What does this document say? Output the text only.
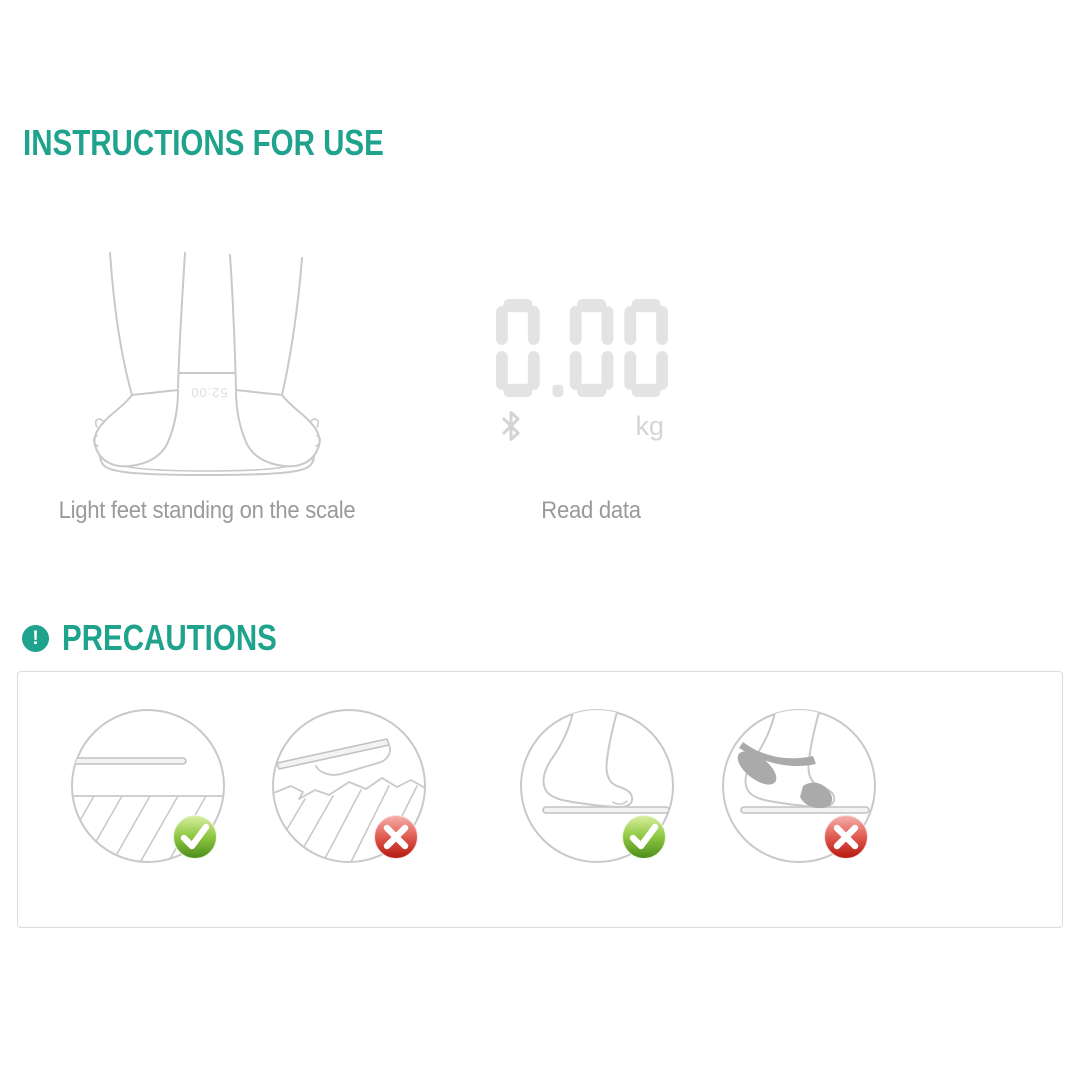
INSTRUCTIONS FOR USE
52:00
Light feet standing on the scale
kg
Read data
! PRECAUTIONS
